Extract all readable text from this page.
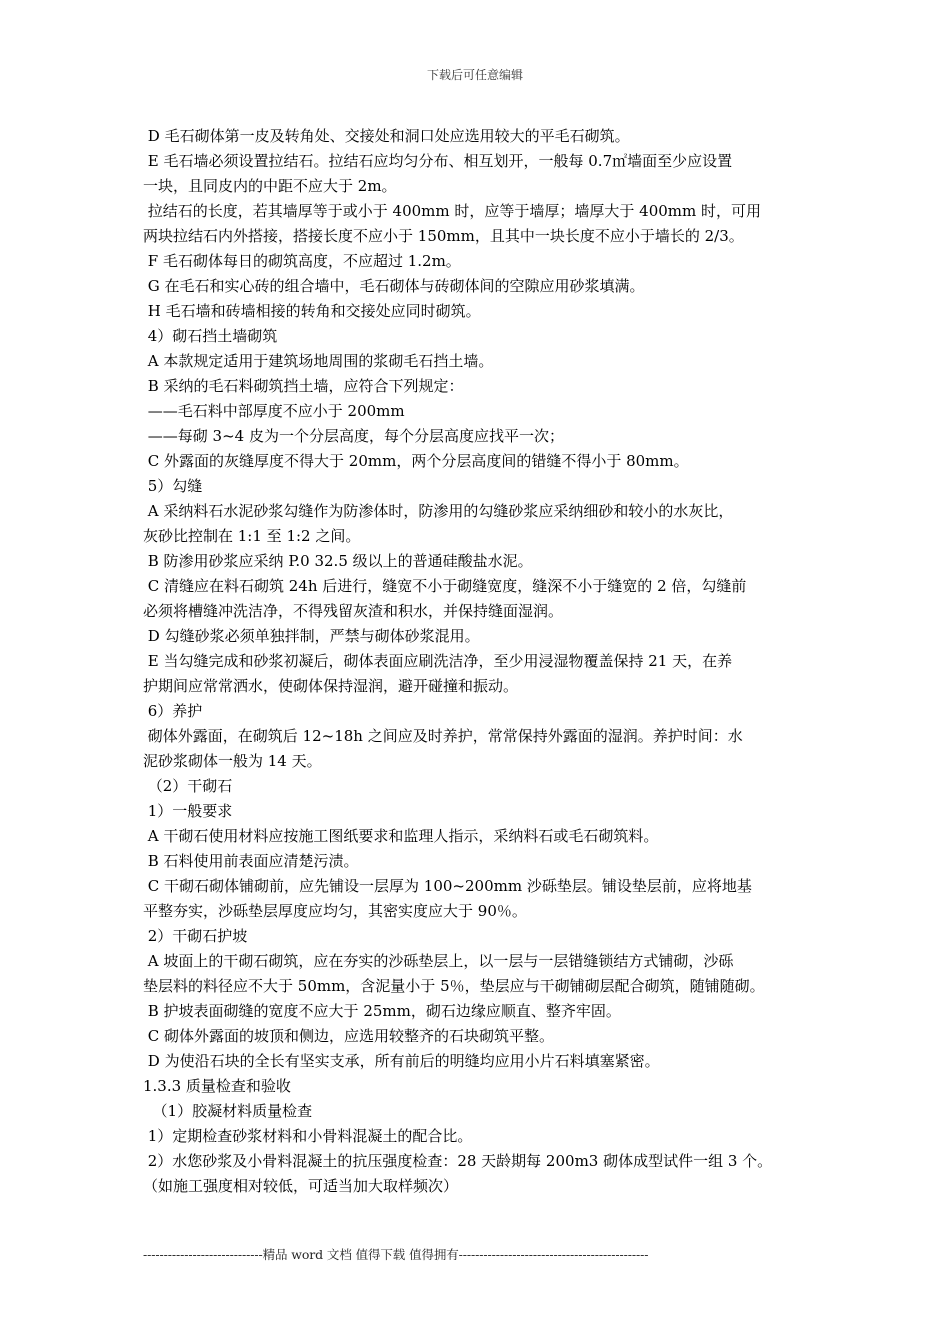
下载后可任意编辑
D 毛石砌体第一皮及转角处、交接处和洞口处应选用较大的平毛石砌筑。
E 毛石墙必须设置拉结石。拉结石应均匀分布、相互划开，一般每 0.7㎡墙面至少应设置
一块，且同皮内的中距不应大于 2m。
拉结石的长度，若其墙厚等于或小于 400mm 时，应等于墙厚；墙厚大于 400mm 时，可用
两块拉结石内外搭接，搭接长度不应小于 150mm，且其中一块长度不应小于墙长的 2/3。
F 毛石砌体每日的砌筑高度，不应超过 1.2m。
G 在毛石和实心砖的组合墙中，毛石砌体与砖砌体间的空隙应用砂浆填满。
H 毛石墙和砖墙相接的转角和交接处应同时砌筑。
4）砌石挡土墙砌筑
A 本款规定适用于建筑场地周围的浆砌毛石挡土墙。
B 采纳的毛石料砌筑挡土墙，应符合下列规定：
——毛石料中部厚度不应小于 200mm
——每砌 3~4 皮为一个分层高度，每个分层高度应找平一次；
C 外露面的灰缝厚度不得大于 20mm，两个分层高度间的错缝不得小于 80mm。
5）勾缝
A 采纳料石水泥砂浆勾缝作为防渗体时，防渗用的勾缝砂浆应采纳细砂和较小的水灰比，
灰砂比控制在 1:1 至 1:2 之间。
B 防渗用砂浆应采纳 P.0 32.5 级以上的普通硅酸盐水泥。
C 清缝应在料石砌筑 24h 后进行，缝宽不小于砌缝宽度，缝深不小于缝宽的 2 倍，勾缝前
必须将槽缝冲洗洁净，不得残留灰渣和积水，并保持缝面湿润。
D 勾缝砂浆必须单独拌制，严禁与砌体砂浆混用。
E 当勾缝完成和砂浆初凝后，砌体表面应刷洗洁净，至少用浸湿物覆盖保持 21 天，在养
护期间应常常洒水，使砌体保持湿润，避开碰撞和振动。
6）养护
砌体外露面，在砌筑后 12~18h 之间应及时养护，常常保持外露面的湿润。养护时间：水
泥砂浆砌体一般为 14 天。
（2）干砌石
1）一般要求
A 干砌石使用材料应按施工图纸要求和监理人指示，采纳料石或毛石砌筑料。
B 石料使用前表面应清楚污渍。
C 干砌石砌体铺砌前，应先铺设一层厚为 100~200mm 沙砾垫层。铺设垫层前，应将地基
平整夯实，沙砾垫层厚度应均匀，其密实度应大于 90％。
2）干砌石护坡
A 坡面上的干砌石砌筑，应在夯实的沙砾垫层上，以一层与一层错缝锁结方式铺砌，沙砾
垫层料的料径应不大于 50mm，含泥量小于 5％，垫层应与干砌铺砌层配合砌筑，随铺随砌。
B 护坡表面砌缝的宽度不应大于 25mm，砌石边缘应顺直、整齐牢固。
C 砌体外露面的坡顶和侧边，应选用较整齐的石块砌筑平整。
D 为使沿石块的全长有坚实支承，所有前后的明缝均应用小片石料填塞紧密。
1.3.3 质量检查和验收
（1）胶凝材料质量检查
1）定期检查砂浆材料和小骨料混凝土的配合比。
2）水您砂浆及小骨料混凝土的抗压强度检查：28 天龄期每 200m3 砌体成型试件一组 3 个。
（如施工强度相对较低，可适当加大取样频次）
-----------------------------精品 word 文档 值得下载 值得拥有----------------------------------------------
